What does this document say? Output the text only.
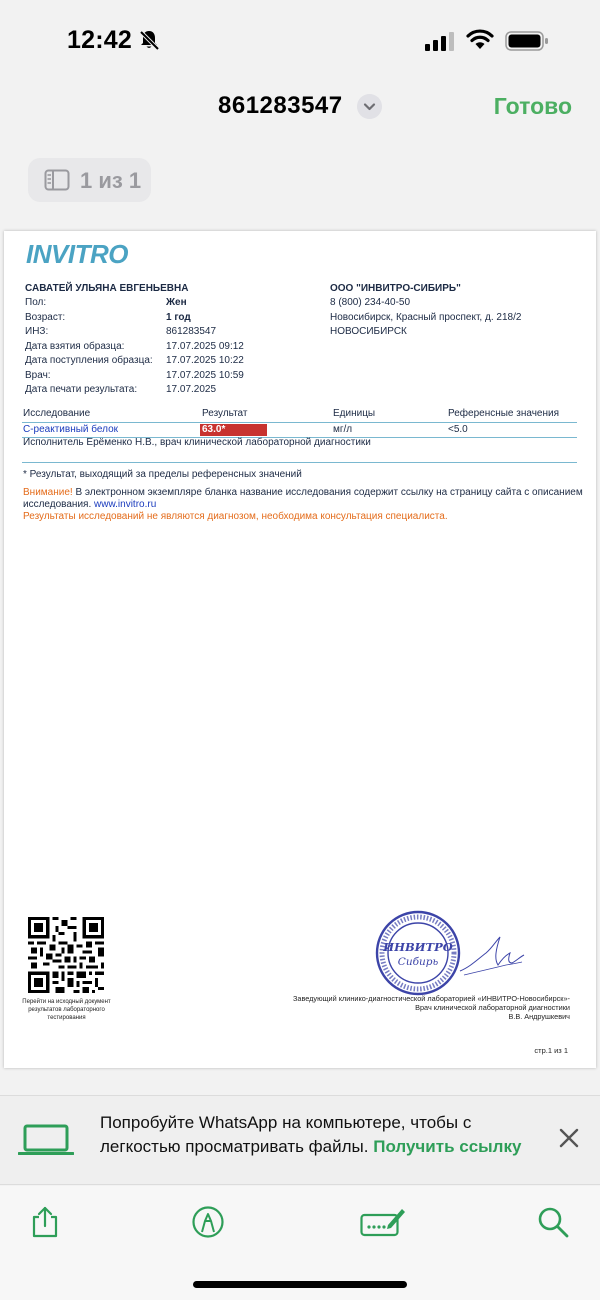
12:42
861283547	Готово
1 из 1
INVITRO
САВАТЕЙ УЛЬЯНА ЕВГЕНЬЕВНА
Пол:	Жен
Возраст:	1 год
ИНЗ:	861283547
Дата взятия образца:	17.07.2025 09:12
Дата поступления образца: 17.07.2025 10:22
Врач:	17.07.2025 10:59
Дата печати результата:	17.07.2025
ООО "ИНВИТРО-СИБИРЬ"
8 (800) 234-40-50
Новосибирск, Красный проспект, д. 218/2
НОВОСИБИРСК
Исследование	Результат	Единицы	Референсные значения
С-реактивный белок	63.0*	мг/л	<5.0
Исполнитель Ерёменко Н.В., врач клинической лабораторной диагностики
* Результат, выходящий за пределы референсных значений
Внимание! В электронном экземпляре бланка название исследования содержит ссылку на страницу сайта с описанием
исследования. www.invitro.ru
Результаты исследований не являются диагнозом, необходима консультация специалиста.
Перейти на исходный документ результатов лабораторного тестирования
ИНВИТРО
Сибирь
Заведующий клинико-диагностической лабораторией «ИНВИТРО-Новосибирск»-
Врач клинической лабораторной диагностики
В.В. Андрушкевич
стр.1 из 1
Попробуйте WhatsApp на компьютере, чтобы с легкостью просматривать файлы. Получить ссылку
